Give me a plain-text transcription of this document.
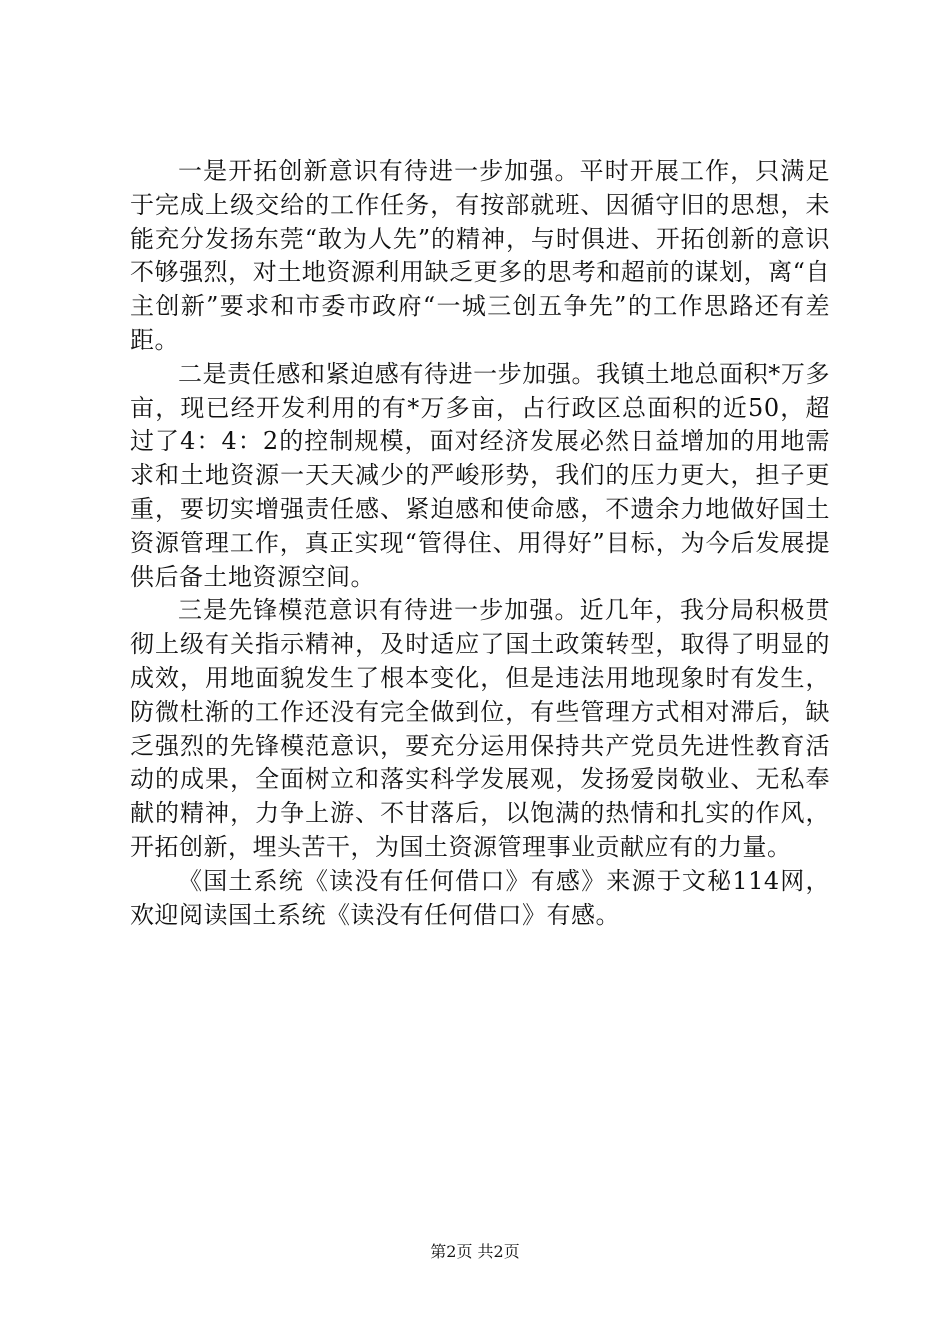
一是开拓创新意识有待进一步加强。平时开展工作，只满足于完成上级交给的工作任务，有按部就班、因循守旧的思想，未能充分发扬东莞“敢为人先”的精神，与时俱进、开拓创新的意识不够强烈，对土地资源利用缺乏更多的思考和超前的谋划，离“自主创新”要求和市委市政府“一城三创五争先”的工作思路还有差距。

二是责任感和紧迫感有待进一步加强。我镇土地总面积*万多亩，现已经开发利用的有*万多亩，占行政区总面积的近50，超过了4：4：2的控制规模，面对经济发展必然日益增加的用地需求和土地资源一天天减少的严峻形势，我们的压力更大，担子更重，要切实增强责任感、紧迫感和使命感，不遗余力地做好国土资源管理工作，真正实现“管得住、用得好”目标，为今后发展提供后备土地资源空间。

三是先锋模范意识有待进一步加强。近几年，我分局积极贯彻上级有关指示精神，及时适应了国土政策转型，取得了明显的成效，用地面貌发生了根本变化，但是违法用地现象时有发生，防微杜渐的工作还没有完全做到位，有些管理方式相对滞后，缺乏强烈的先锋模范意识，要充分运用保持共产党员先进性教育活动的成果，全面树立和落实科学发展观，发扬爱岗敬业、无私奉献的精神，力争上游、不甘落后，以饱满的热情和扎实的作风，开拓创新，埋头苦干，为国土资源管理事业贡献应有的力量。

《国土系统《读没有任何借口》有感》来源于文秘114网，欢迎阅读国土系统《读没有任何借口》有感。

第2页 共2页
